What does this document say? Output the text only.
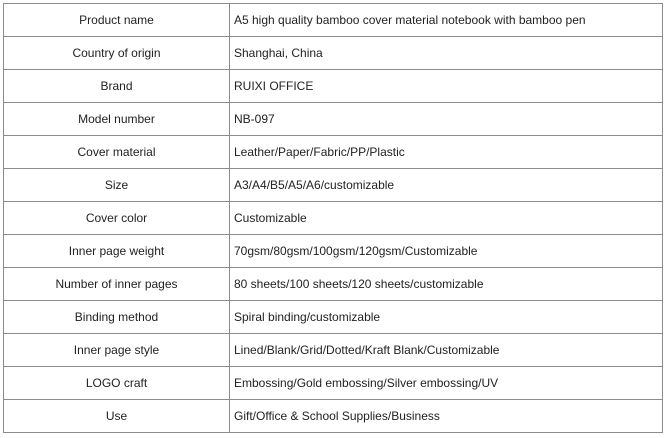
Product name	A5 high quality bamboo cover material notebook with bamboo pen
Country of origin	Shanghai, China
Brand	RUIXI OFFICE
Model number	NB-097
Cover material	Leather/Paper/Fabric/PP/Plastic
Size	A3/A4/B5/A5/A6/customizable
Cover color	Customizable
Inner page weight	70gsm/80gsm/100gsm/120gsm/Customizable
Number of inner pages	80 sheets/100 sheets/120 sheets/customizable
Binding method	Spiral binding/customizable
Inner page style	Lined/Blank/Grid/Dotted/Kraft Blank/Customizable
LOGO craft	Embossing/Gold embossing/Silver embossing/UV
Use	Gift/Office & School Supplies/Business
